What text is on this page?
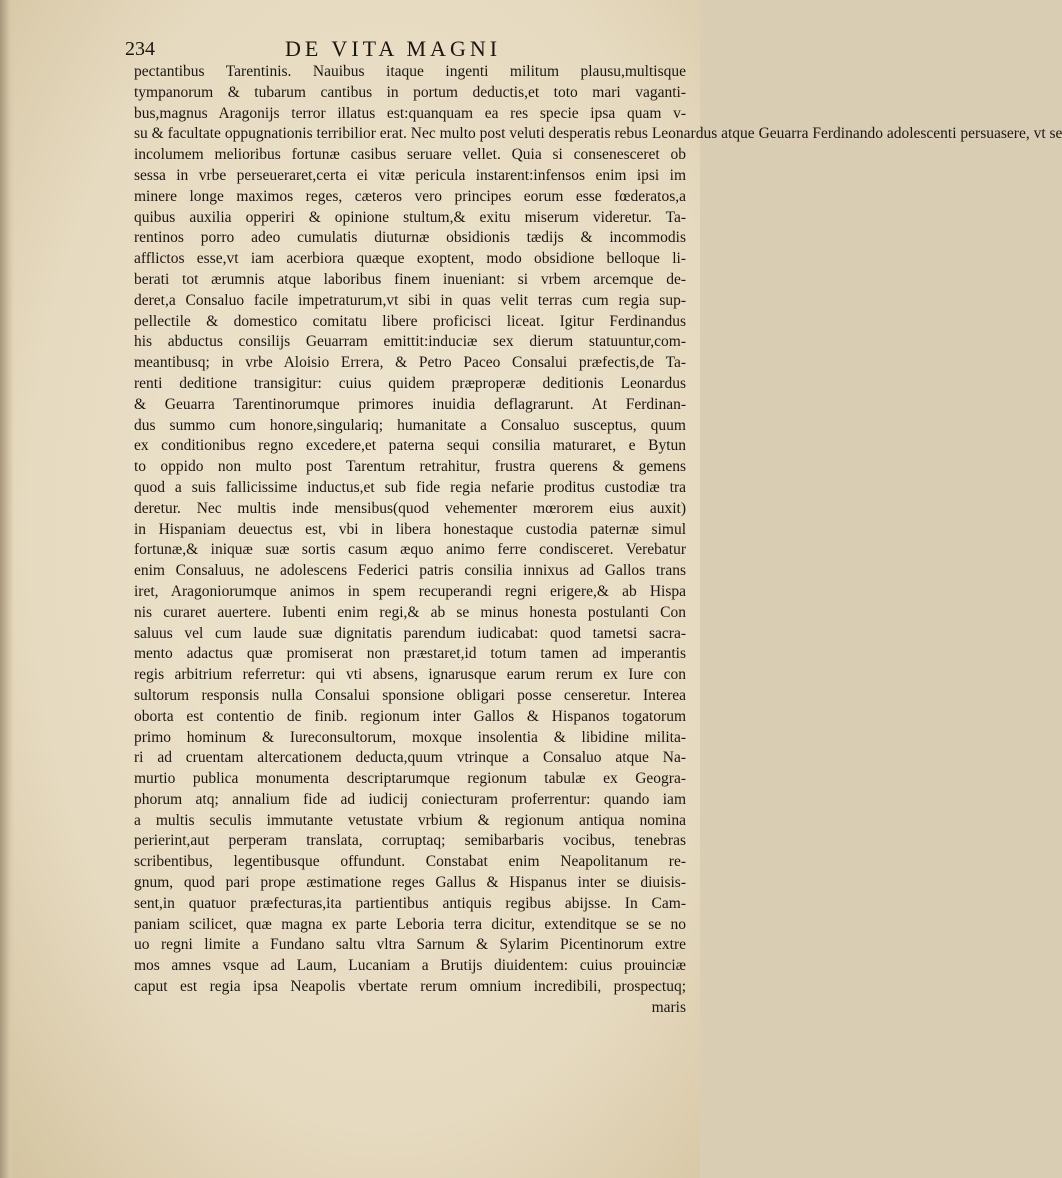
234	DE VITA MAGNI
pectantibus Tarentinis. Nauibus itaque ingenti militum plausu,multisque
tympanorum & tubarum cantibus in portum deductis,et toto mari vaganti-
bus,magnus Aragonijs terror illatus est:quanquam ea res specie ipsa quam v-
su & facultate oppugnationis terribilior erat. Nec multo post veluti desperatis rebus Leonardus atque Geuarra Ferdinando adolescenti persuasere, vt se
incolumem melioribus fortunæ casibus seruare vellet. Quia si consenesceret ob
sessa in vrbe perseueraret,certa ei vitæ pericula instarent:infensos enim ipsi im
minere longe maximos reges, cæteros vero principes eorum esse fœderatos,a
quibus auxilia opperiri & opinione stultum,& exitu miserum videretur. Ta-
rentinos porro adeo cumulatis diuturnæ obsidionis tædijs & incommodis
afflictos esse,vt iam acerbiora quæque exoptent, modo obsidione belloque li-
berati tot ærumnis atque laboribus finem inueniant: si vrbem arcemque de-
deret,a Consaluo facile impetraturum,vt sibi in quas velit terras cum regia sup-
pellectile & domestico comitatu libere proficisci liceat. Igitur Ferdinandus
his abductus consilijs Geuarram emittit:induciæ sex dierum statuuntur,com-
meantibusq; in vrbe Aloisio Errera, & Petro Paceo Consalui præfectis,de Ta-
renti deditione transigitur: cuius quidem præproperæ deditionis Leonardus
& Geuarra Tarentinorumque primores inuidia deflagrarunt. At Ferdinan-
dus summo cum honore,singulariq; humanitate a Consaluo susceptus, quum
ex conditionibus regno excedere,et paterna sequi consilia maturaret, e Bytun
to oppido non multo post Tarentum retrahitur, frustra querens & gemens
quod a suis fallicissime inductus,et sub fide regia nefarie proditus custodiæ tra
deretur. Nec multis inde mensibus(quod vehementer mœrorem eius auxit)
in Hispaniam deuectus est, vbi in libera honestaque custodia paternæ simul
fortunæ,& iniquæ suæ sortis casum æquo animo ferre condisceret. Verebatur
enim Consaluus, ne adolescens Federici patris consilia innixus ad Gallos trans
iret, Aragoniorumque animos in spem recuperandi regni erigere,& ab Hispa
nis curaret auertere. Iubenti enim regi,& ab se minus honesta postulanti Con
saluus vel cum laude suæ dignitatis parendum iudicabat: quod tametsi sacra-
mento adactus quæ promiserat non præstaret,id totum tamen ad imperantis
regis arbitrium referretur: qui vti absens, ignarusque earum rerum ex Iure con
sultorum responsis nulla Consalui sponsione obligari posse censeretur. Interea
oborta est contentio de finib. regionum inter Gallos & Hispanos togatorum
primo hominum & Iureconsultorum, moxque insolentia & libidine milita-
ri ad cruentam altercationem deducta,quum vtrinque a Consaluo atque Na-
murtio publica monumenta descriptarumque regionum tabulæ ex Geogra-
phorum atq; annalium fide ad iudicij coniecturam proferrentur: quando iam
a multis seculis immutante vetustate vrbium & regionum antiqua nomina
perierint,aut perperam translata, corruptaq; semibarbaris vocibus, tenebras
scribentibus, legentibusque offundunt. Constabat enim Neapolitanum re-
gnum, quod pari prope æstimatione reges Gallus & Hispanus inter se diuisis-
sent,in quatuor præfecturas,ita partientibus antiquis regibus abijsse. In Cam-
paniam scilicet, quæ magna ex parte Leboria terra dicitur, extenditque se se no
uo regni limite a Fundano saltu vltra Sarnum & Sylarim Picentinorum extre
mos amnes vsque ad Laum, Lucaniam a Brutijs diuidentem: cuius prouinciæ
caput est regia ipsa Neapolis vbertate rerum omnium incredibili, prospectuq;
maris
